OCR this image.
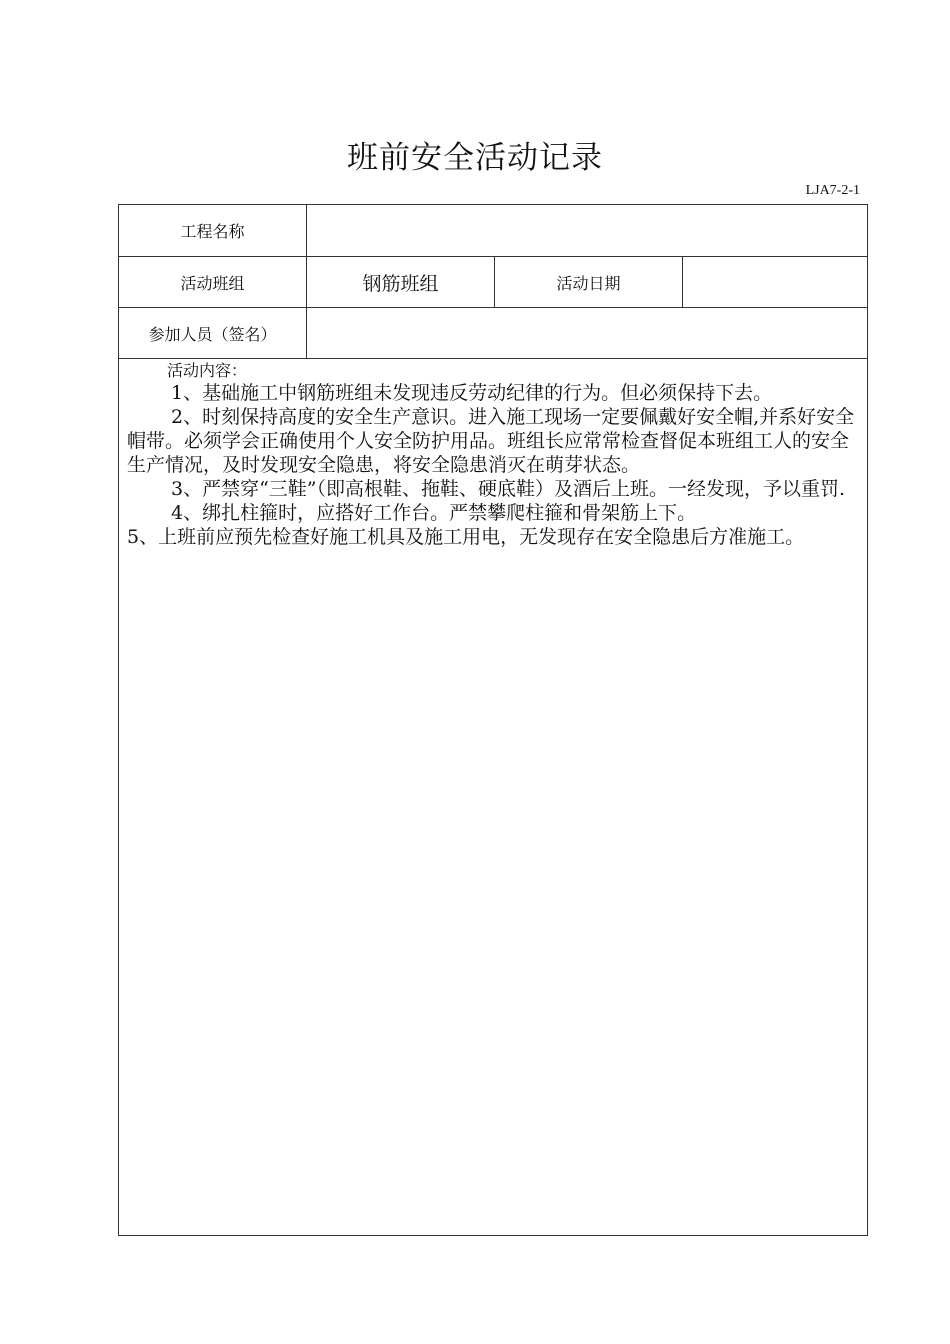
班前安全活动记录
LJA7-2-1
工程名称
活动班组	钢筋班组	活动日期
参加人员（签名）

活动内容：

1、基础施工中钢筋班组未发现违反劳动纪律的行为。但必须保持下去。

2、时刻保持高度的安全生产意识。进入施工现场一定要佩戴好安全帽,并系好安全帽带。必须学会正确使用个人安全防护用品。班组长应常常检查督促本班组工人的安全生产情况，及时发现安全隐患，将安全隐患消灭在萌芽状态。

3、严禁穿“三鞋”（即高根鞋、拖鞋、硬底鞋）及酒后上班。一经发现，予以重罚.

4、绑扎柱箍时，应搭好工作台。严禁攀爬柱箍和骨架筋上下。

5、上班前应预先检查好施工机具及施工用电，无发现存在安全隐患后方准施工。
